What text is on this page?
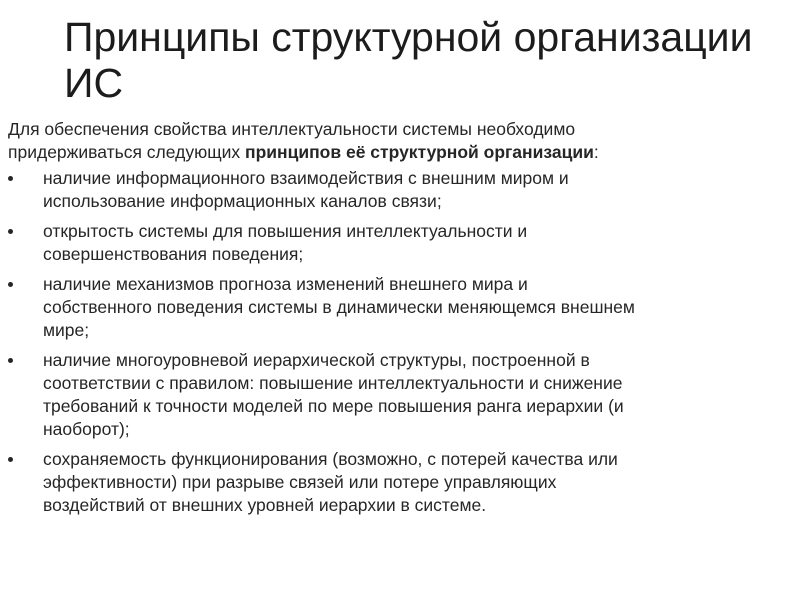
Принципы структурной организации ИС

Для обеспечения свойства интеллектуальности системы необходимо
придерживаться следующих принципов её структурной организации:

наличие информационного взаимодействия с внешним миром и
использование информационных каналов связи;
открытость системы для повышения интеллектуальности и
совершенствования поведения;
наличие механизмов прогноза изменений внешнего мира и
собственного поведения системы в динамически меняющемся внешнем
мире;
наличие многоуровневой иерархической структуры, построенной в
соответствии с правилом: повышение интеллектуальности и снижение
требований к точности моделей по мере повышения ранга иерархии (и
наоборот);
сохраняемость функционирования (возможно, с потерей качества или
эффективности) при разрыве связей или потере управляющих
воздействий от внешних уровней иерархии в системе.
